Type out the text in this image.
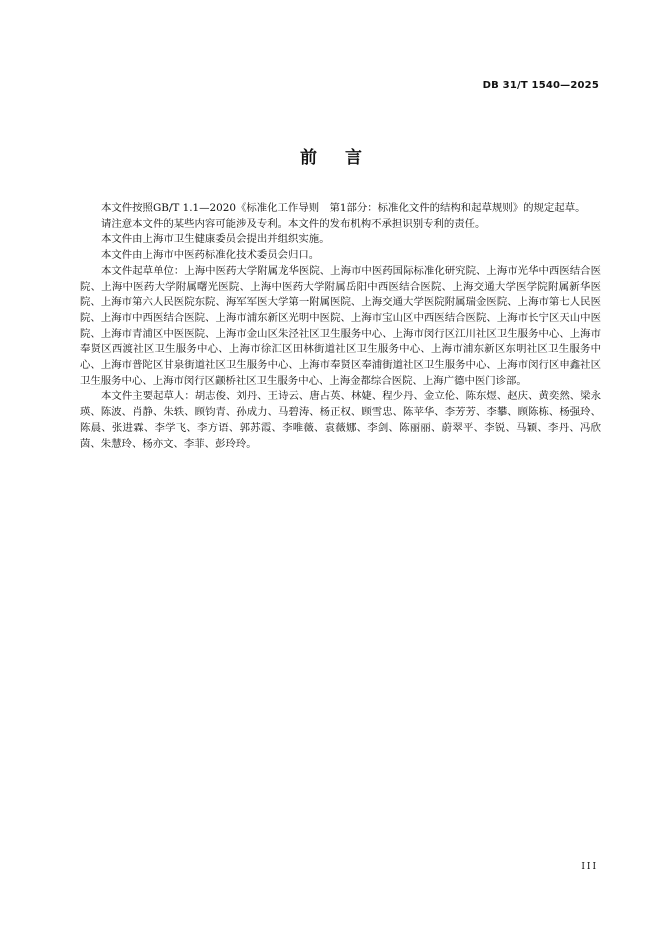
DB 31/T 1540—2025
前言

本文件按照GB/T 1.1—2020《标准化工作导则　第1部分：标准化文件的结构和起草规则》的规定起草。

请注意本文件的某些内容可能涉及专利。本文件的发布机构不承担识别专利的责任。

本文件由上海市卫生健康委员会提出并组织实施。

本文件由上海市中医药标准化技术委员会归口。

本文件起草单位：上海中医药大学附属龙华医院、上海市中医药国际标准化研究院、上海市光华中西医结合医院、上海中医药大学附属曙光医院、上海中医药大学附属岳阳中西医结合医院、上海交通大学医学院附属新华医院、上海市第六人民医院东院、海军军医大学第一附属医院、上海交通大学医院附属瑞金医院、上海市第七人民医院、上海市中西医结合医院、上海市浦东新区光明中医院、上海市宝山区中西医结合医院、上海市长宁区天山中医院、上海市青浦区中医医院、上海市金山区朱泾社区卫生服务中心、上海市闵行区江川社区卫生服务中心、上海市奉贤区西渡社区卫生服务中心、上海市徐汇区田林街道社区卫生服务中心、上海市浦东新区东明社区卫生服务中心、上海市普陀区甘泉街道社区卫生服务中心、上海市奉贤区奉浦街道社区卫生服务中心、上海市闵行区申鑫社区卫生服务中心、上海市闵行区颛桥社区卫生服务中心、上海金都综合医院、上海广德中医门诊部。

本文件主要起草人：胡志俊、刘丹、王诗云、唐占英、林婕、程少丹、金立伦、陈东煜、赵庆、黄奕然、梁永瑛、陈波、肖静、朱轶、顾钧青、孙成力、马碧涛、杨正权、顾雪忠、陈苹华、李芳芳、李攀、顾陈栋、杨强玲、陈晨、张进霖、李学飞、李方语、郭苏霞、李唯薇、袁薇娜、李剑、陈丽丽、蔚翠平、李锐、马颖、李丹、冯欣茵、朱慧玲、杨亦文、李菲、彭玲玲。

III
